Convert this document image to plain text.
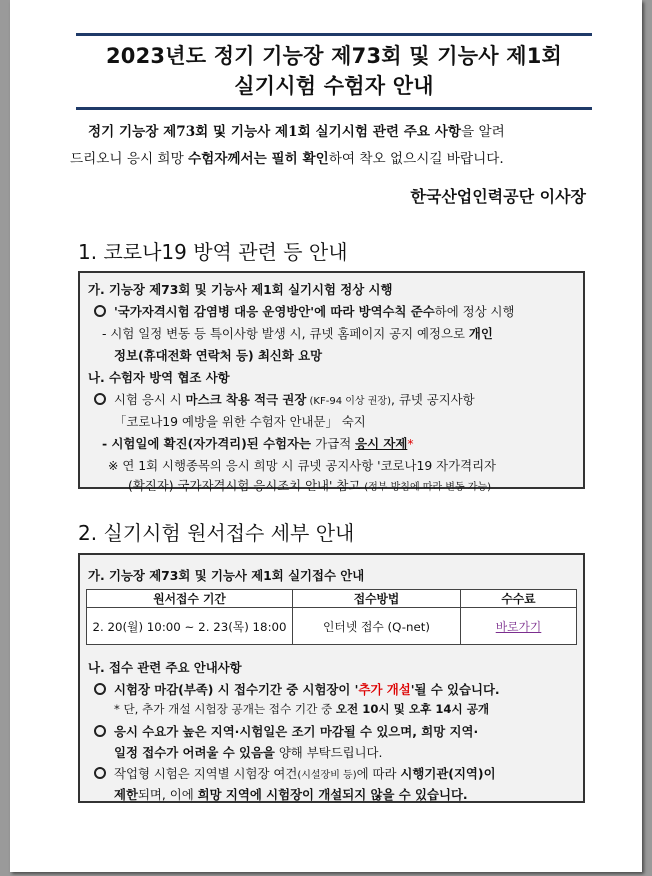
2023년도 정기 기능장 제73회 및 기능사 제1회
실기시험 수험자 안내
정기 기능장 제73회 및 기능사 제1회 실기시험 관련 주요 사항을 알려
드리오니 응시 희망 수험자께서는 필히 확인하여 착오 없으시길 바랍니다.
한국산업인력공단 이사장
1. 코로나19 방역 관련 등 안내
가. 기능장 제73회 및 기능사 제1회 실기시험 정상 시행
'국가자격시험 감염병 대응 운영방안'에 따라 방역수칙 준수하에 정상 시행
- 시험 일정 변동 등 특이사항 발생 시, 큐넷 홈페이지 공지 예정으로 개인
정보(휴대전화 연락처 등) 최신화 요망
나. 수험자 방역 협조 사항
시험 응시 시 마스크 착용 적극 권장 (KF-94 이상 권장), 큐넷 공지사항
「코로나19 예방을 위한 수험자 안내문」 숙지
- 시험일에 확진(자가격리)된 수험자는 가급적 응시 자제*
※ 연 1회 시행종목의 응시 희망 시 큐넷 공지사항 '코로나19 자가격리자
(확진자) 국가자격시험 응시조치 안내' 참고 (정부 방침에 따라 변동 가능)
2. 실기시험 원서접수 세부 안내
가. 기능장 제73회 및 기능사 제1회 실기접수 안내
원서접수 기간	접수방법	수수료
2. 20(월) 10:00 ~ 2. 23(목) 18:00	인터넷 접수 (Q-net)	바로가기
나. 접수 관련 주요 안내사항
시험장 마감(부족) 시 접수기간 중 시험장이 '추가 개설'될 수 있습니다.
* 단, 추가 개설 시험장 공개는 접수 기간 중 오전 10시 및 오후 14시 공개
응시 수요가 높은 지역·시험일은 조기 마감될 수 있으며, 희망 지역·
일정 접수가 어려울 수 있음을 양해 부탁드립니다.
작업형 시험은 지역별 시험장 여건(시설장비 등)에 따라 시행기관(지역)이
제한되며, 이에 희망 지역에 시험장이 개설되지 않을 수 있습니다.
